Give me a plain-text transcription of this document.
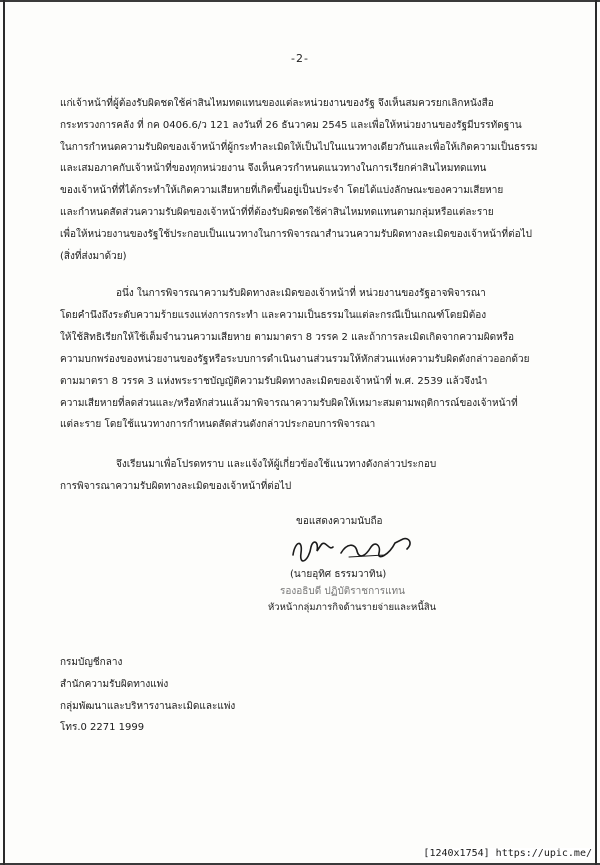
-2-
แก่เจ้าหน้าที่ผู้ต้องรับผิดชดใช้ค่าสินไหมทดแทนของแต่ละหน่วยงานของรัฐ จึงเห็นสมควรยกเลิกหนังสือ
กระทรวงการคลัง ที่ กค 0406.6/ว 121 ลงวันที่ 26 ธันวาคม 2545 และเพื่อให้หน่วยงานของรัฐมีบรรทัดฐาน
ในการกำหนดความรับผิดของเจ้าหน้าที่ผู้กระทำละเมิดให้เป็นไปในแนวทางเดียวกันและเพื่อให้เกิดความเป็นธรรม
และเสมอภาคกับเจ้าหน้าที่ของทุกหน่วยงาน จึงเห็นควรกำหนดแนวทางในการเรียกค่าสินไหมทดแทน
ของเจ้าหน้าที่ที่ได้กระทำให้เกิดความเสียหายที่เกิดขึ้นอยู่เป็นประจำ โดยได้แบ่งลักษณะของความเสียหาย
และกำหนดสัดส่วนความรับผิดของเจ้าหน้าที่ที่ต้องรับผิดชดใช้ค่าสินไหมทดแทนตามกลุ่มหรือแต่ละราย
เพื่อให้หน่วยงานของรัฐใช้ประกอบเป็นแนวทางในการพิจารณาสำนวนความรับผิดทางละเมิดของเจ้าหน้าที่ต่อไป
(สิ่งที่ส่งมาด้วย)
อนึ่ง ในการพิจารณาความรับผิดทางละเมิดของเจ้าหน้าที่ หน่วยงานของรัฐอาจพิจารณา
โดยคำนึงถึงระดับความร้ายแรงแห่งการกระทำ และความเป็นธรรมในแต่ละกรณีเป็นเกณฑ์โดยมิต้อง
ให้ใช้สิทธิเรียกให้ใช้เต็มจำนวนความเสียหาย ตามมาตรา 8 วรรค 2 และถ้าการละเมิดเกิดจากความผิดหรือ
ความบกพร่องของหน่วยงานของรัฐหรือระบบการดำเนินงานส่วนรวมให้หักส่วนแห่งความรับผิดดังกล่าวออกด้วย
ตามมาตรา 8 วรรค 3 แห่งพระราชบัญญัติความรับผิดทางละเมิดของเจ้าหน้าที่ พ.ศ. 2539 แล้วจึงนำ
ความเสียหายที่ลดส่วนและ/หรือหักส่วนแล้วมาพิจารณาความรับผิดให้เหมาะสมตามพฤติการณ์ของเจ้าหน้าที่
แต่ละราย โดยใช้แนวทางการกำหนดสัดส่วนดังกล่าวประกอบการพิจารณา
จึงเรียนมาเพื่อโปรดทราบ และแจ้งให้ผู้เกี่ยวข้องใช้แนวทางดังกล่าวประกอบ
การพิจารณาความรับผิดทางละเมิดของเจ้าหน้าที่ต่อไป
ขอแสดงความนับถือ
(นายอุทิศ ธรรมวาทิน)
รองอธิบดี ปฏิบัติราชการแทน
หัวหน้ากลุ่มภารกิจด้านรายจ่ายและหนี้สิน
กรมบัญชีกลาง
สำนักความรับผิดทางแพ่ง
กลุ่มพัฒนาและบริหารงานละเมิดและแพ่ง
โทร.0 2271 1999
[1240x1754] https://upic.me/
